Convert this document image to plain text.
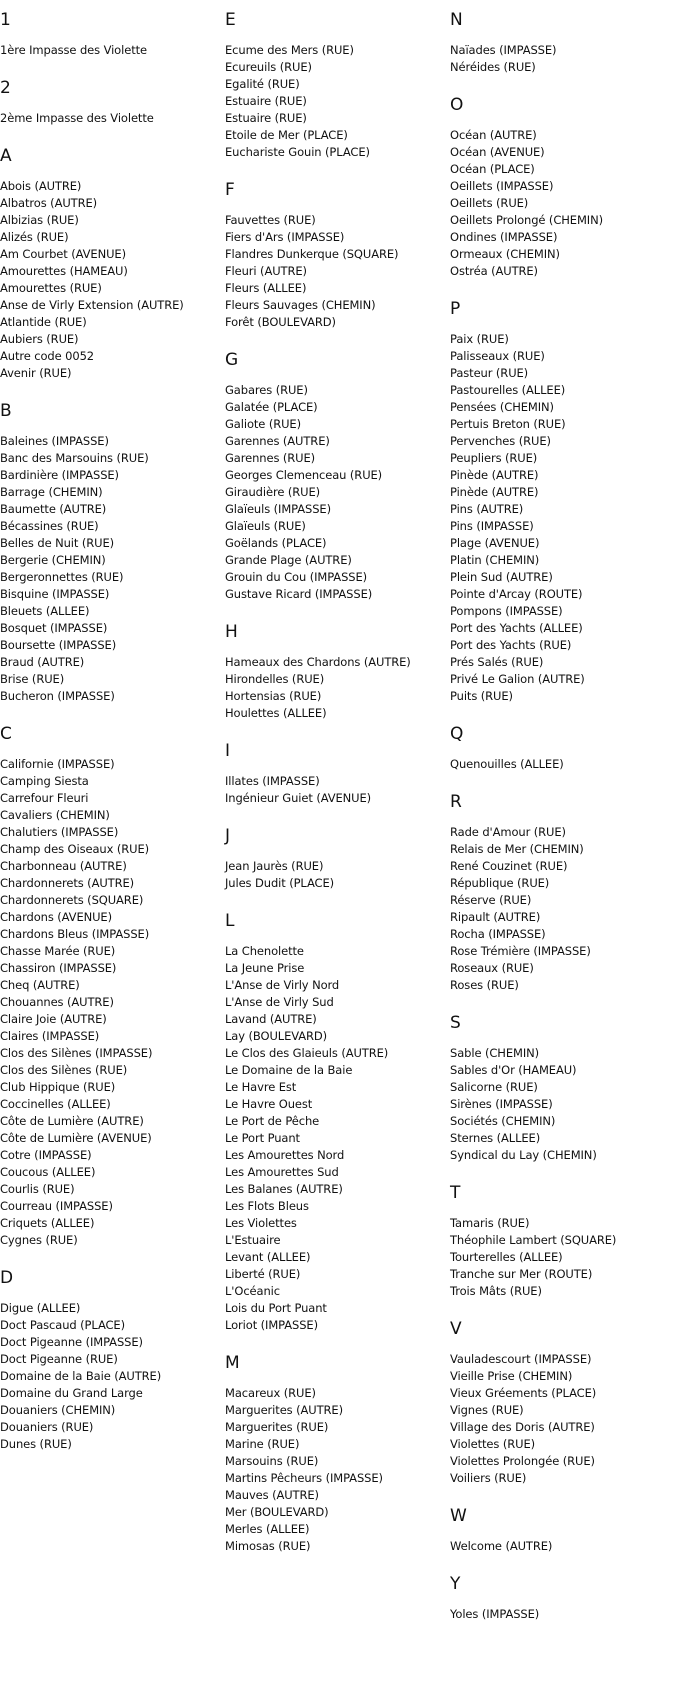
1
1ère Impasse des Violette
2
2ème Impasse des Violette
A
Abois (AUTRE)
Albatros (AUTRE)
Albizias (RUE)
Alizés (RUE)
Am Courbet (AVENUE)
Amourettes (HAMEAU)
Amourettes (RUE)
Anse de Virly Extension (AUTRE)
Atlantide (RUE)
Aubiers (RUE)
Autre code 0052
Avenir (RUE)
B
Baleines (IMPASSE)
Banc des Marsouins (RUE)
Bardinière (IMPASSE)
Barrage (CHEMIN)
Baumette (AUTRE)
Bécassines (RUE)
Belles de Nuit (RUE)
Bergerie (CHEMIN)
Bergeronnettes (RUE)
Bisquine (IMPASSE)
Bleuets (ALLEE)
Bosquet (IMPASSE)
Boursette (IMPASSE)
Braud (AUTRE)
Brise (RUE)
Bucheron (IMPASSE)
C
Californie (IMPASSE)
Camping Siesta
Carrefour Fleuri
Cavaliers (CHEMIN)
Chalutiers (IMPASSE)
Champ des Oiseaux (RUE)
Charbonneau (AUTRE)
Chardonnerets (AUTRE)
Chardonnerets (SQUARE)
Chardons (AVENUE)
Chardons Bleus (IMPASSE)
Chasse Marée (RUE)
Chassiron (IMPASSE)
Cheq (AUTRE)
Chouannes (AUTRE)
Claire Joie (AUTRE)
Claires (IMPASSE)
Clos des Silènes (IMPASSE)
Clos des Silènes (RUE)
Club Hippique (RUE)
Coccinelles (ALLEE)
Côte de Lumière (AUTRE)
Côte de Lumière (AVENUE)
Cotre (IMPASSE)
Coucous (ALLEE)
Courlis (RUE)
Courreau (IMPASSE)
Criquets (ALLEE)
Cygnes (RUE)
D
Digue (ALLEE)
Doct Pascaud (PLACE)
Doct Pigeanne (IMPASSE)
Doct Pigeanne (RUE)
Domaine de la Baie (AUTRE)
Domaine du Grand Large
Douaniers (CHEMIN)
Douaniers (RUE)
Dunes (RUE)
E
Ecume des Mers (RUE)
Ecureuils (RUE)
Egalité (RUE)
Estuaire (RUE)
Estuaire (RUE)
Etoile de Mer (PLACE)
Eucharistе Gouin (PLACE)
F
Fauvettes (RUE)
Fiers d'Ars (IMPASSE)
Flandres Dunkerque (SQUARE)
Fleuri (AUTRE)
Fleurs (ALLEE)
Fleurs Sauvages (CHEMIN)
Forêt (BOULEVARD)
G
Gabares (RUE)
Galatée (PLACE)
Galiote (RUE)
Garennes (AUTRE)
Garennes (RUE)
Georges Clemenceau (RUE)
Giraudière (RUE)
Glaïeuls (IMPASSE)
Glaïeuls (RUE)
Goëlands (PLACE)
Grande Plage (AUTRE)
Grouin du Cou (IMPASSE)
Gustave Ricard (IMPASSE)
H
Hameaux des Chardons (AUTRE)
Hirondelles (RUE)
Hortensias (RUE)
Houlettes (ALLEE)
I
Illates (IMPASSE)
Ingénieur Guiet (AVENUE)
J
Jean Jaurès (RUE)
Jules Dudit (PLACE)
L
La Chenolette
La Jeune Prise
L'Anse de Virly Nord
L'Anse de Virly Sud
Lavand (AUTRE)
Lay (BOULEVARD)
Le Clos des Glaieuls (AUTRE)
Le Domaine de la Baie
Le Havre Est
Le Havre Ouest
Le Port de Pêche
Le Port Puant
Les Amourettes Nord
Les Amourettes Sud
Les Balanes (AUTRE)
Les Flots Bleus
Les Violettes
L'Estuaire
Levant (ALLEE)
Liberté (RUE)
L'Océanic
Lois du Port Puant
Loriot (IMPASSE)
M
Macareux (RUE)
Marguerites (AUTRE)
Marguerites (RUE)
Marine (RUE)
Marsouins (RUE)
Martins Pêcheurs (IMPASSE)
Mauves (AUTRE)
Mer (BOULEVARD)
Merles (ALLEE)
Mimosas (RUE)
N
Naïades (IMPASSE)
Néréides (RUE)
O
Océan (AUTRE)
Océan (AVENUE)
Océan (PLACE)
Oeillets (IMPASSE)
Oeillets (RUE)
Oeillets Prolongé (CHEMIN)
Ondines (IMPASSE)
Ormeaux (CHEMIN)
Ostréa (AUTRE)
P
Paix (RUE)
Palisseaux (RUE)
Pasteur (RUE)
Pastourelles (ALLEE)
Pensées (CHEMIN)
Pertuis Breton (RUE)
Pervenches (RUE)
Peupliers (RUE)
Pinède (AUTRE)
Pinède (AUTRE)
Pins (AUTRE)
Pins (IMPASSE)
Plage (AVENUE)
Platin (CHEMIN)
Plein Sud (AUTRE)
Pointe d'Arcay (ROUTE)
Pompons (IMPASSE)
Port des Yachts (ALLEE)
Port des Yachts (RUE)
Prés Salés (RUE)
Privé Le Galion (AUTRE)
Puits (RUE)
Q
Quenouilles (ALLEE)
R
Rade d'Amour (RUE)
Relais de Mer (CHEMIN)
René Couzinet (RUE)
République (RUE)
Réserve (RUE)
Ripault (AUTRE)
Rocha (IMPASSE)
Rose Trémière (IMPASSE)
Roseaux (RUE)
Roses (RUE)
S
Sable (CHEMIN)
Sables d'Or (HAMEAU)
Salicorne (RUE)
Sirènes (IMPASSE)
Sociétés (CHEMIN)
Sternes (ALLEE)
Syndical du Lay (CHEMIN)
T
Tamaris (RUE)
Théophile Lambert (SQUARE)
Tourterelles (ALLEE)
Tranche sur Mer (ROUTE)
Trois Mâts (RUE)
V
Vauladescourt (IMPASSE)
Vieille Prise (CHEMIN)
Vieux Gréements (PLACE)
Vignes (RUE)
Village des Doris (AUTRE)
Violettes (RUE)
Violettes Prolongée (RUE)
Voiliers (RUE)
W
Welcome (AUTRE)
Y
Yoles (IMPASSE)
